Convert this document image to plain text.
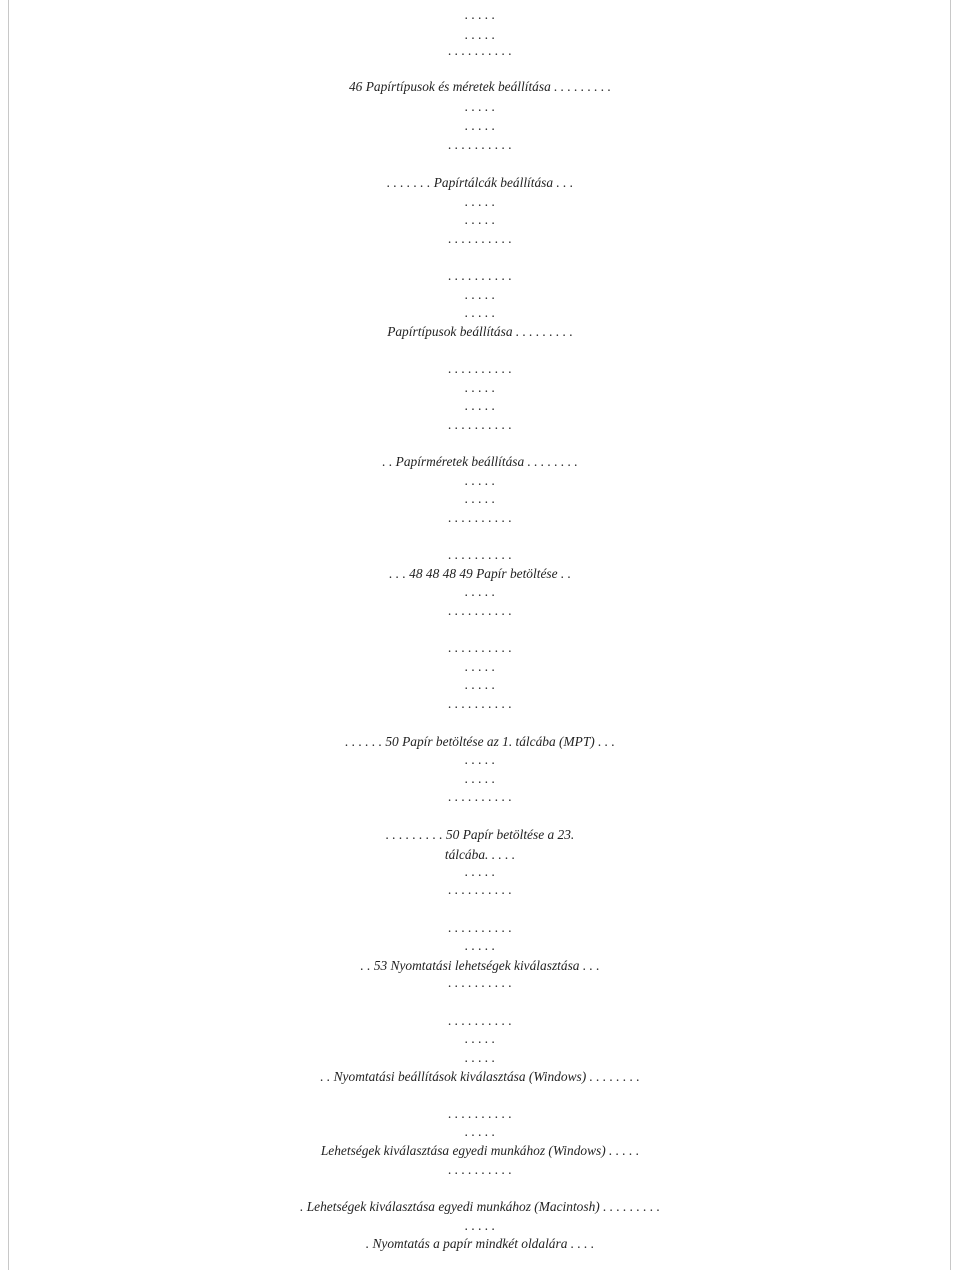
. . . . .
. . . . .
. . . . . . . . . .
46 Papírtípusok és méretek beállítása . . . . . . . . .
. . . . .
. . . . .
. . . . . . . . . .
. . . . . . . Papírtálcák beállítása . . .
. . . . .
. . . . .
. . . . . . . . . .
. . . . . . . . . .
. . . . .
. . . . .
Papírtípusok beállítása . . . . . . . . .
. . . . . . . . . .
. . . . .
. . . . .
. . . . . . . . . .
. . Papírméretek beállítása . . . . . . . .
. . . . .
. . . . .
. . . . . . . . . .
. . . . . . . . . .
. . . 48 48 48 49 Papír betöltése . .
. . . . .
. . . . . . . . . .
. . . . . . . . . .
. . . . .
. . . . .
. . . . . . . . . .
. . . . . . 50 Papír betöltése az 1. tálcába (MPT) . . .
. . . . .
. . . . .
. . . . . . . . . .
. . . . . . . . . 50 Papír betöltése a 23.
tálcába. . . . .
. . . . .
. . . . . . . . . .
. . . . . . . . . .
. . . . .
. . 53 Nyomtatási lehetségek kiválasztása . . .
. . . . . . . . . .
. . . . . . . . . .
. . . . .
. . . . .
. . Nyomtatási beállítások kiválasztása (Windows) . . . . . . . .
. . . . . . . . . .
. . . . .
Lehetségek kiválasztása egyedi munkához (Windows) . . . . .
. . . . . . . . . .
. Lehetségek kiválasztása egyedi munkához (Macintosh) . . . . . . . . .
. . . . .
. Nyomtatás a papír mindkét oldalára . . . .
